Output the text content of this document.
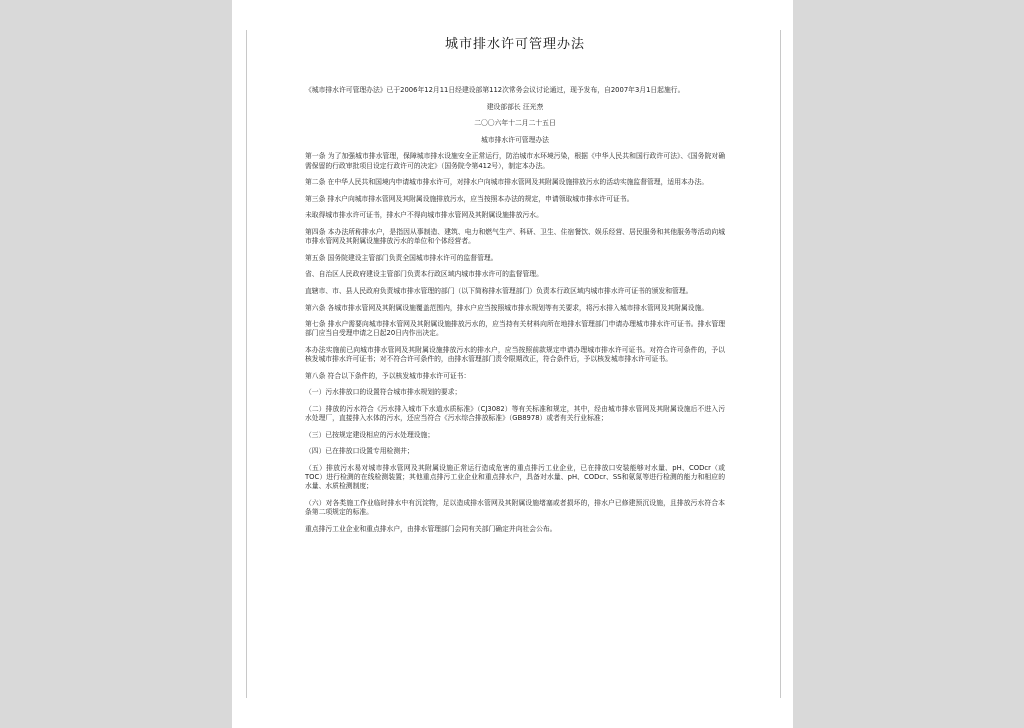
城市排水许可管理办法
《城市排水许可管理办法》已于2006年12月11日经建设部第112次常务会议讨论通过，现予发布，自2007年3月1日起施行。
建设部部长 汪光焘
二〇〇六年十二月二十五日
城市排水许可管理办法
第一条 为了加强城市排水管理，保障城市排水设施安全正常运行，防治城市水环境污染，根据《中华人民共和国行政许可法》、《国务院对确需保留的行政审批项目设定行政许可的决定》（国务院令第412号），制定本办法。
第二条 在中华人民共和国境内申请城市排水许可，对排水户向城市排水管网及其附属设施排放污水的活动实施监督管理，适用本办法。
第三条 排水户向城市排水管网及其附属设施排放污水，应当按照本办法的规定，申请领取城市排水许可证书。
未取得城市排水许可证书，排水户不得向城市排水管网及其附属设施排放污水。
第四条 本办法所称排水户，是指因从事制造、建筑、电力和燃气生产、科研、卫生、住宿餐饮、娱乐经营、居民服务和其他服务等活动向城市排水管网及其附属设施排放污水的单位和个体经营者。
第五条 国务院建设主管部门负责全国城市排水许可的监督管理。
省、自治区人民政府建设主管部门负责本行政区域内城市排水许可的监督管理。
直辖市、市、县人民政府负责城市排水管理的部门（以下简称排水管理部门）负责本行政区域内城市排水许可证书的颁发和管理。
第六条 各城市排水管网及其附属设施覆盖范围内，排水户应当按照城市排水规划等有关要求，将污水排入城市排水管网及其附属设施。
第七条 排水户需要向城市排水管网及其附属设施排放污水的，应当持有关材料向所在地排水管理部门申请办理城市排水许可证书。排水管理部门应当自受理申请之日起20日内作出决定。
本办法实施前已向城市排水管网及其附属设施排放污水的排水户，应当按照前款规定申请办理城市排水许可证书。对符合许可条件的，予以核发城市排水许可证书；对不符合许可条件的，由排水管理部门责令限期改正，符合条件后，予以核发城市排水许可证书。
第八条 符合以下条件的，予以核发城市排水许可证书：
（一）污水排放口的设置符合城市排水规划的要求；
（二）排放的污水符合《污水排入城市下水道水质标准》（CJ3082）等有关标准和规定，其中，经由城市排水管网及其附属设施后不进入污水处理厂，直接排入水体的污水，还应当符合《污水综合排放标准》（GB8978）或者有关行业标准；
（三）已按规定建设相应的污水处理设施；
（四）已在排放口设置专用检测井；
（五）排放污水易对城市排水管网及其附属设施正常运行造成危害的重点排污工业企业，已在排放口安装能够对水量、pH、CODcr（或TOC）进行检测的在线检测装置；其他重点排污工业企业和重点排水户，具备对水量、pH、CODcr、SS和氨氮等进行检测的能力和相应的水量、水质检测制度；
（六）对各类施工作业临时排水中有沉淀物，足以造成排水管网及其附属设施堵塞或者损坏的，排水户已修建预沉设施，且排放污水符合本条第二项规定的标准。
重点排污工业企业和重点排水户，由排水管理部门会同有关部门确定并向社会公布。
